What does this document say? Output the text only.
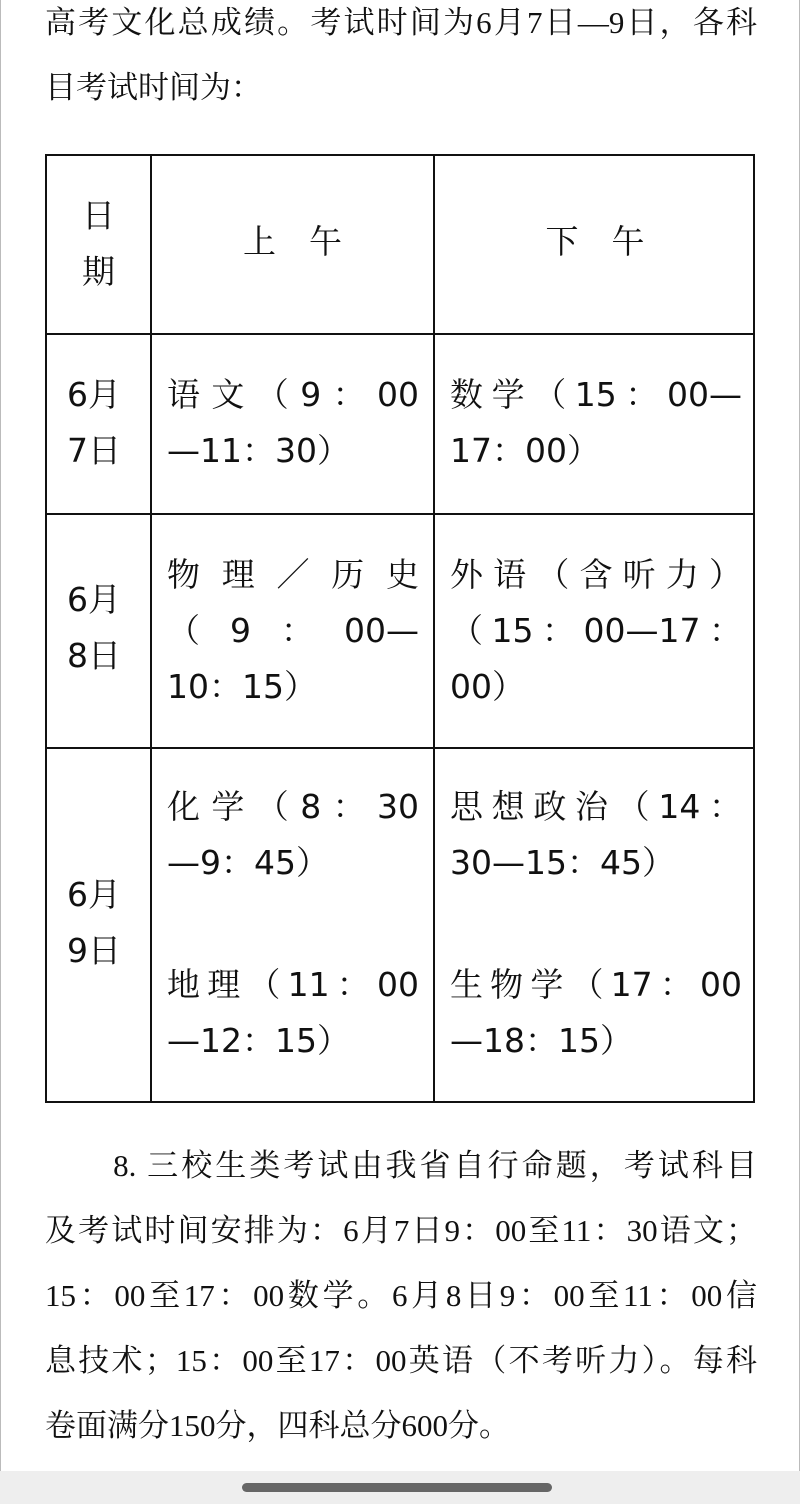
高考文化总成绩。考试时间为6月7日—9日，各科
目考试时间为：
日
期
上　午	下　午
6月
7日
语文（9：00
—11：30）
数学（15：00—
17：00）
6月
8日
物理／历史
（9：00—
10：15）
外语（含听力）
（15：00—17：
00）
6月
9日
化学（8：30
—9：45）
地理（11：00
—12：15）
思想政治（14：
30—15：45）
生物学（17：00
—18：15）
　　8. 三校生类考试由我省自行命题，考试科目
及考试时间安排为：6月7日9：00至11：30语文；
15：00至17：00数学。6月8日9：00至11：00信
息技术；15：00至17：00英语（不考听力）。每科
卷面满分150分，四科总分600分。
